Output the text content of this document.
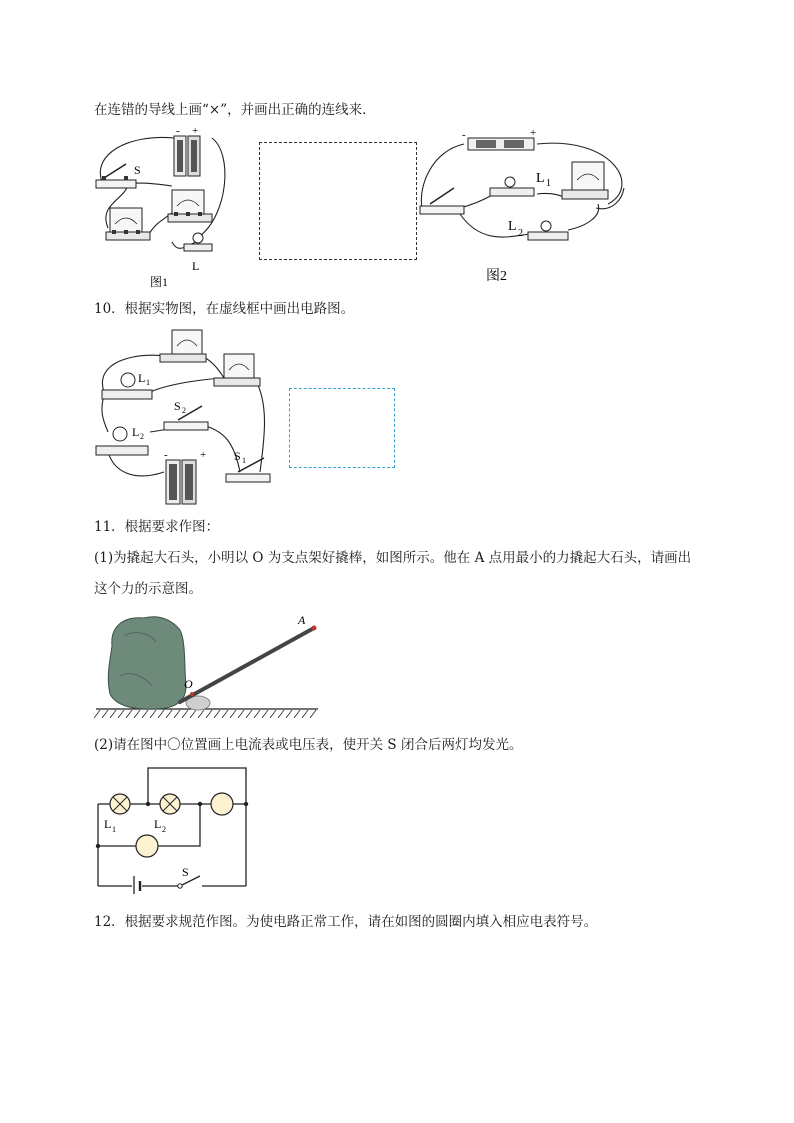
在连错的导线上画“×”，并画出正确的连线来．
- +
S
L
图1
-	+
L 1
L 2
图2
10．根据实物图，在虚线框中画出电路图。
L 1
S 2
L 2
-	+ S 1
11．根据要求作图：
(1)为撬起大石头，小明以 O 为支点架好撬棒，如图所示。他在 A 点用最小的力撬起大石头，请画出
这个力的示意图。
A
O
(2)请在图中〇位置画上电流表或电压表，使开关 S 闭合后两灯均发光。
S
L 1	L 2
12．根据要求规范作图。为使电路正常工作，请在如图的圆圈内填入相应电表符号。
